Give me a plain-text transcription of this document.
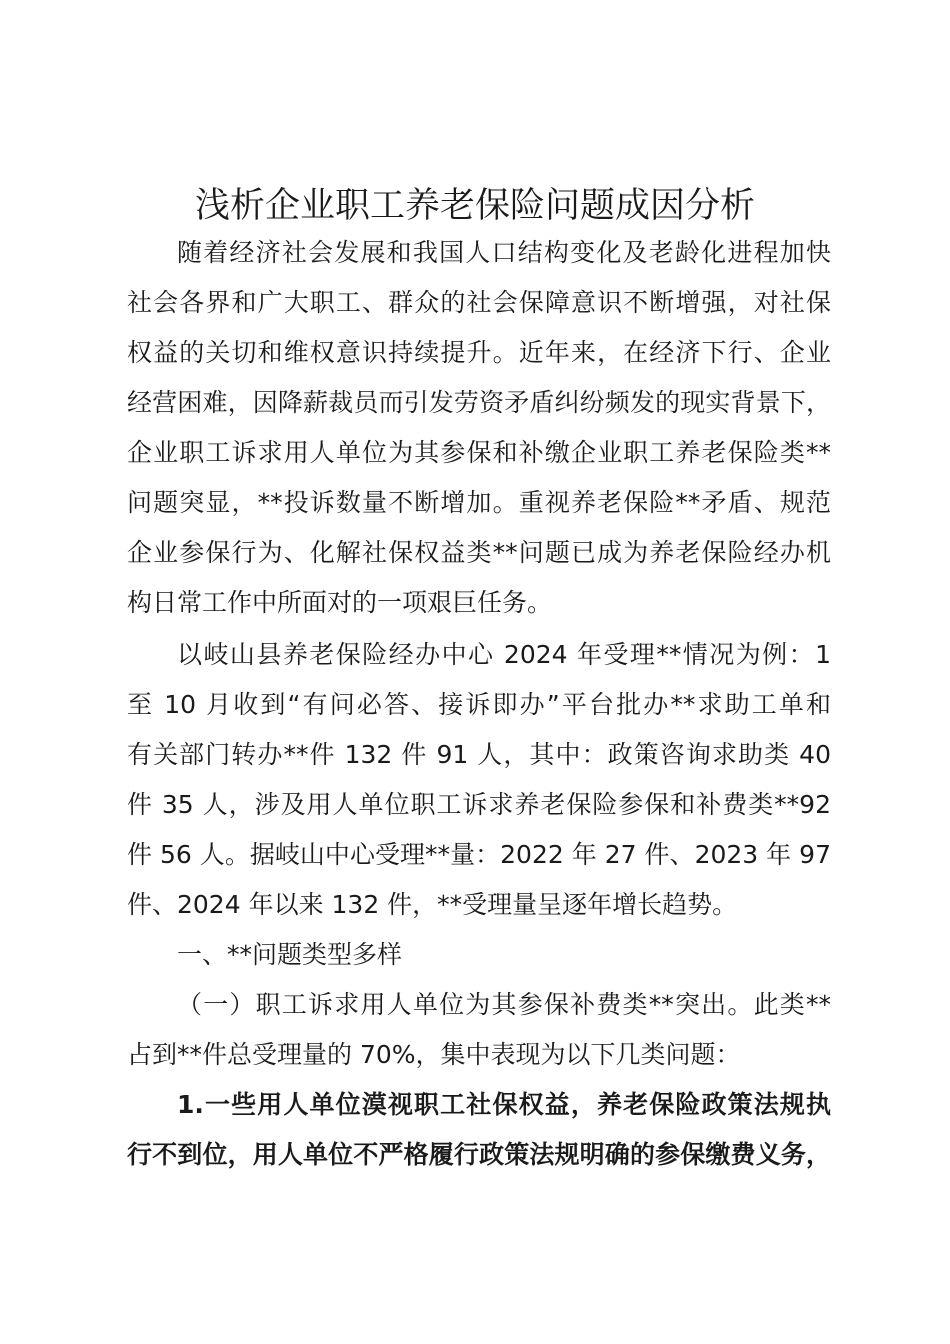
浅析企业职工养老保险问题成因分析
随着经济社会发展和我国人口结构变化及老龄化进程加快
社会各界和广大职工、群众的社会保障意识不断增强，对社保
权益的关切和维权意识持续提升。近年来，在经济下行、企业
经营困难，因降薪裁员而引发劳资矛盾纠纷频发的现实背景下，
企业职工诉求用人单位为其参保和补缴企业职工养老保险类**
问题突显，**投诉数量不断增加。重视养老保险**矛盾、规范
企业参保行为、化解社保权益类**问题已成为养老保险经办机
构日常工作中所面对的一项艰巨任务。
以岐山县养老保险经办中心 2024 年受理**情况为例：1
至 10 月收到“有问必答、接诉即办”平台批办**求助工单和
有关部门转办**件 132 件 91 人，其中：政策咨询求助类 40
件 35 人，涉及用人单位职工诉求养老保险参保和补费类**92
件 56 人。据岐山中心受理**量：2022 年 27 件、2023 年 97
件、2024 年以来 132 件，**受理量呈逐年增长趋势。
一、**问题类型多样
（一）职工诉求用人单位为其参保补费类**突出。此类**
占到**件总受理量的 70%，集中表现为以下几类问题：
1.一些用人单位漠视职工社保权益，养老保险政策法规执
行不到位，用人单位不严格履行政策法规明确的参保缴费义务，
